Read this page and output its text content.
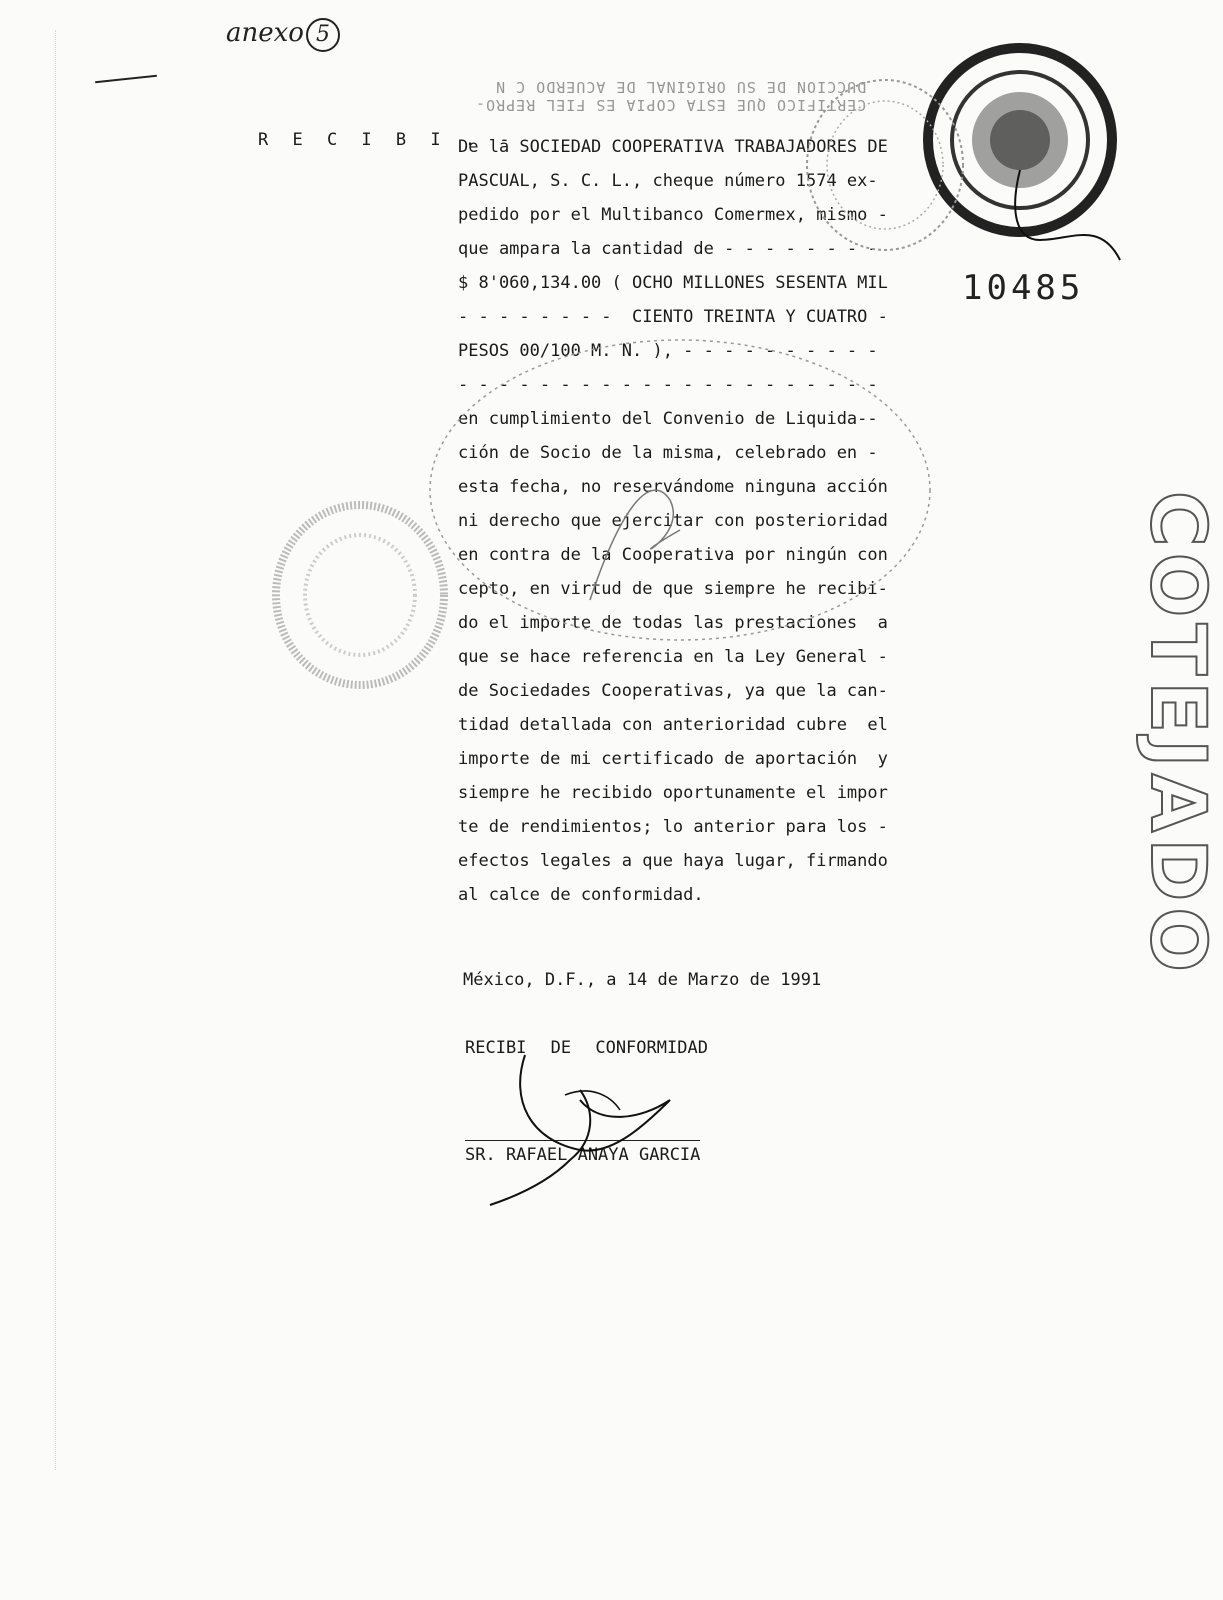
anexo 5
CERTIFICO QUE ESTA COPIA ES FIEL REPRO-
DUCCION DE SU ORIGINAL DE ACUERDO C N
R E C I B I . -

De la SOCIEDAD COOPERATIVA TRABAJADORES DE

PASCUAL, S. C. L., cheque número 1574 ex-

pedido por el Multibanco Comermex, mismo -

que ampara la cantidad de - - - - - - - -

$ 8'060,134.00 ( OCHO MILLONES SESENTA MIL

- - - - - - - -  CIENTO TREINTA Y CUATRO -

PESOS 00/100 M. N. ), - - - - - - - - - -

- - - - - - - - - - - - - - - - - - - - -

en cumplimiento del Convenio de Liquida--

ción de Socio de la misma, celebrado en -

esta fecha, no reservándome ninguna acción

ni derecho que ejercitar con posterioridad

en contra de la Cooperativa por ningún con

cepto, en virtud de que siempre he recibi-

do el importe de todas las prestaciones  a

que se hace referencia en la Ley General -

de Sociedades Cooperativas, ya que la can-

tidad detallada con anterioridad cubre  el

importe de mi certificado de aportación  y

siempre he recibido oportunamente el impor

te de rendimientos; lo anterior para los -

efectos legales a que haya lugar, firmando

al calce de conformidad.

México, D.F., a 14 de Marzo de 1991
RECIBI DE CONFORMIDAD
SR. RAFAEL ANAYA GARCIA
10485
COTEJADO
